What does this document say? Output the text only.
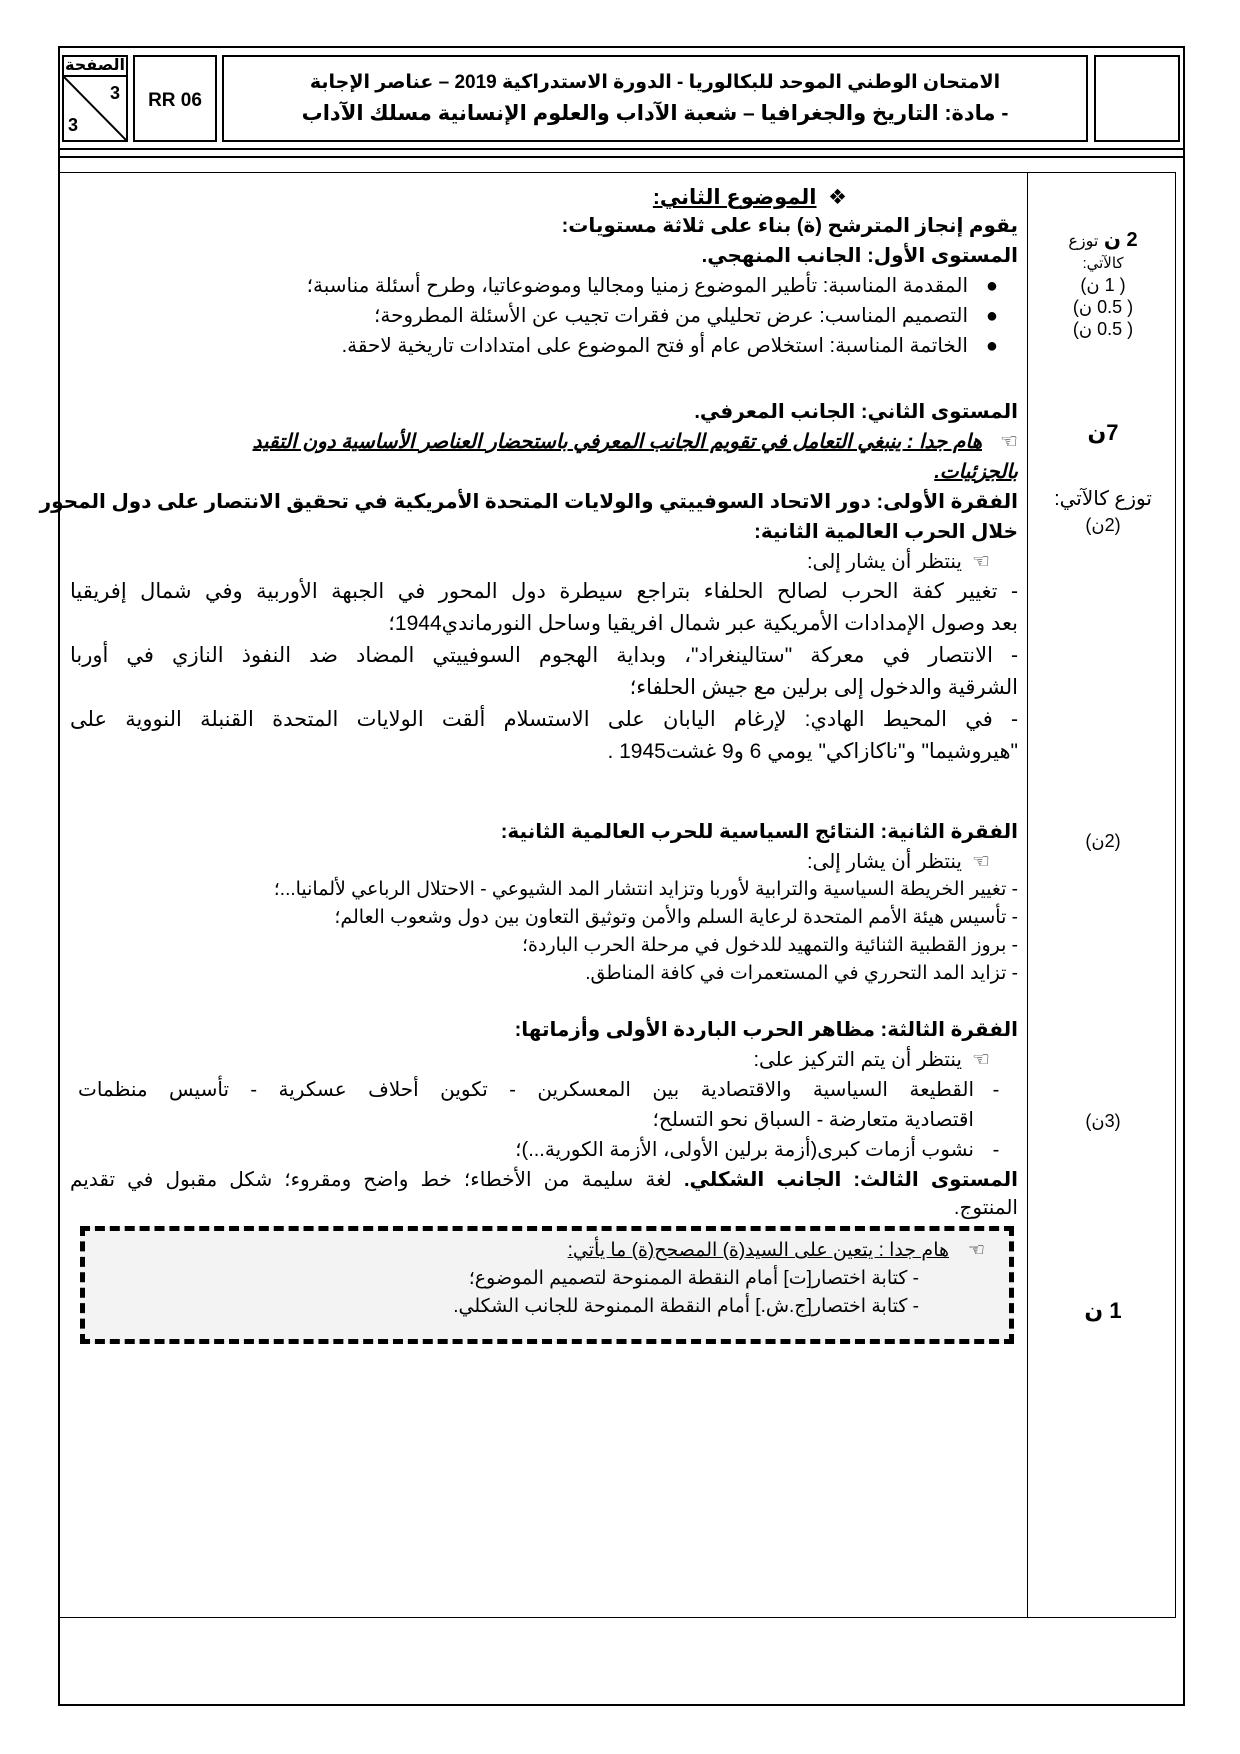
الصفحة
3
3
RR 06
الامتحان الوطني الموحد للبكالوريا - الدورة الاستدراكية 2019 – عناصر الإجابة
- مادة: التاريخ والجغرافيا – شعبة الآداب والعلوم الإنسانية مسلك الآداب
2 ن توزع
كالآتي:
( 1 ن)
( 0.5 ن)
( 0.5 ن)
7ن
توزع كالآتي:
(2ن)
(2ن)
(3ن)
1 ن
❖  الموضوع الثاني:
يقوم إنجاز المترشح (ة) بناء على ثلاثة مستويات:
المستوى الأول: الجانب المنهجي.
●المقدمة المناسبة: تأطير الموضوع زمنيا ومجاليا وموضوعاتيا، وطرح أسئلة مناسبة؛
●التصميم المناسب: عرض تحليلي من فقرات تجيب عن الأسئلة المطروحة؛
●الخاتمة المناسبة: استخلاص عام أو فتح الموضوع على امتدادات تاريخية لاحقة.
المستوى الثاني: الجانب المعرفي.
☜هام جدا : ينبغي التعامل في تقويم الجانب المعرفي باستحضار العناصر الأساسية دون التقيد
بالجزئيات.
الفقرة الأولى: دور الاتحاد السوفييتي والولايات المتحدة الأمريكية في تحقيق الانتصار على دول المحور
خلال الحرب العالمية الثانية:
☜ينتظر أن يشار إلى:
- تغيير كفة الحرب لصالح الحلفاء بتراجع سيطرة دول المحور في الجبهة الأوربية وفي شمال إفريقيا
بعد وصول الإمدادات الأمريكية عبر شمال افريقيا وساحل النورماندي1944؛
- الانتصار في معركة "ستالينغراد"، وبداية الهجوم السوفييتي المضاد ضد النفوذ النازي في أوربا
الشرقية والدخول إلى برلين مع جيش الحلفاء؛
- في المحيط الهادي: لإرغام اليابان على الاستسلام ألقت الولايات المتحدة القنبلة النووية على
"هيروشيما" و"ناكازاكي" يومي 6 و9 غشت1945 .
الفقرة الثانية: النتائج السياسية للحرب العالمية الثانية:
☜ينتظر أن يشار إلى:
- تغيير الخريطة السياسية والترابية لأوربا وتزايد انتشار المد الشيوعي - الاحتلال الرباعي لألمانيا...؛
- تأسيس هيئة الأمم المتحدة لرعاية السلم والأمن وتوثيق التعاون بين دول وشعوب العالم؛
- بروز القطبية الثنائية والتمهيد للدخول في مرحلة الحرب الباردة؛
- تزايد المد التحرري في المستعمرات في كافة المناطق.
الفقرة الثالثة: مظاهر الحرب الباردة الأولى وأزماتها:
☜ينتظر أن يتم التركيز على:
-القطيعة السياسية والاقتصادية بين المعسكرين - تكوين أحلاف عسكرية - تأسيس منظمات
اقتصادية متعارضة - السباق نحو التسلح؛
-نشوب أزمات كبرى(أزمة برلين الأولى، الأزمة الكورية...)؛
المستوى الثالث: الجانب الشكلي. لغة سليمة من الأخطاء؛ خط واضح ومقروء؛ شكل مقبول في تقديم
المنتوج.
☜هام جدا : يتعين على السيد(ة) المصحح(ة) ما يأتي:
- كتابة اختصار[ت] أمام النقطة الممنوحة لتصميم الموضوع؛
- كتابة اختصار[ج.ش.] أمام النقطة الممنوحة للجانب الشكلي.
